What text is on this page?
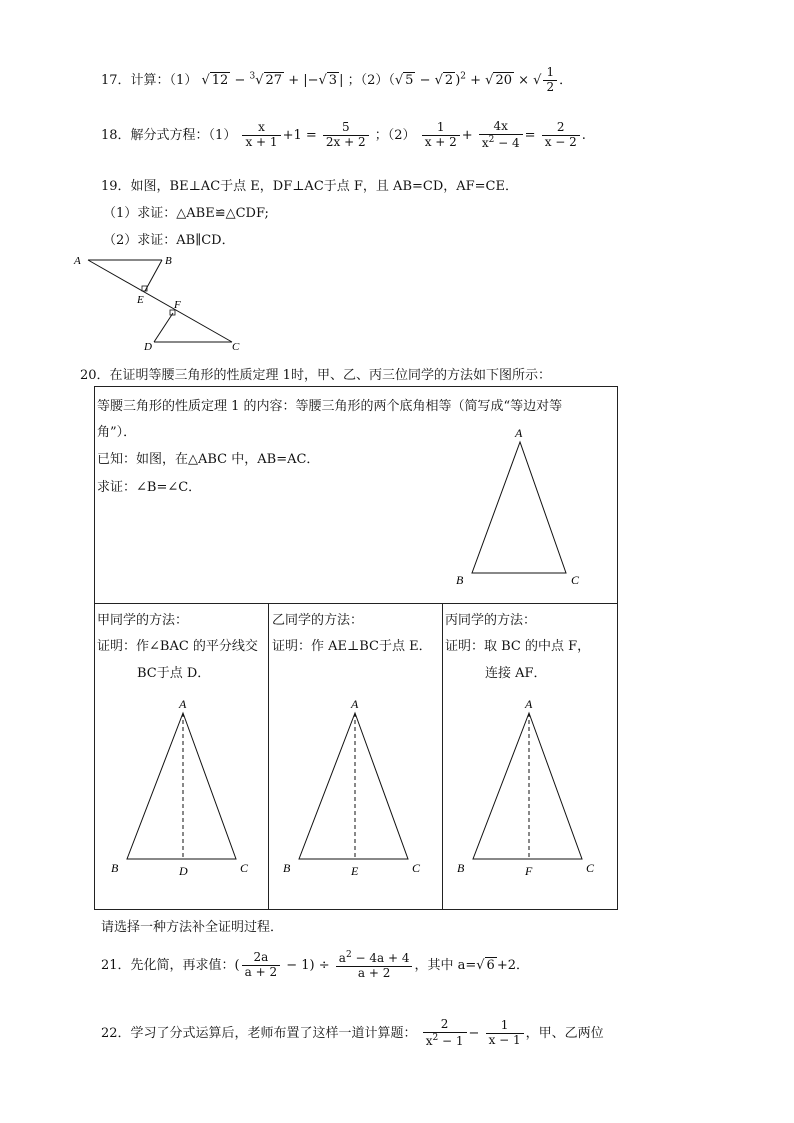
17．计算：（1） √ 12 − $^3$√ 27 + |−√ 3 | ；（2）（√ 5 − √ 2 )$^2$ + √ 20 × √ $\frac{1}{2}$ ．
18．解分式方程：$(1) \frac{x}{x + 1} +1 = \frac{5}{2x + 2}$ ；$(2) \frac{1}{x + 2} + \frac{4x}{x^2 - 4} = \frac{2}{x - 2}$ .
19．如图，BE⊥AC于点 E，DF⊥AC于点 F，且 AB=CD，AF=CE．
（1）求证：△ABE≌△CDF;
（2）求证：AB∥CD．
A	B
E	F
D	C
20．在证明等腰三角形的性质定理 1时，甲、乙、丙三位同学的方法如下图所示：
等腰三角形的性质定理 1 的内容：等腰三角形的两个底角相等（简写成“等边对等
角”）．
已知：如图，在△ABC 中，AB=AC．
求证：∠B=∠C．
A
B	C
甲同学的方法：
证明：作∠BAC 的平分线交
BC于点 D．
A
B	D	C
乙同学的方法：
证明：作 AE⊥BC于点 E．
A
B	E	C
丙同学的方法：
证明：取 BC 的中点 F，
连接 AF．
A
B	F	C
请选择一种方法补全证明过程．
21．先化简，再求值：( $\frac{2a}{a + 2} - 1) \div \frac{a^2 - 4a + 4}{a + 2}$ ，其中 a=√ 6 +2．
22．学习了分式运算后，老师布置了这样一道计算题： $\frac{2}{x^2 - 1} - \frac{1}{x - 1}$ ，甲、乙两位
